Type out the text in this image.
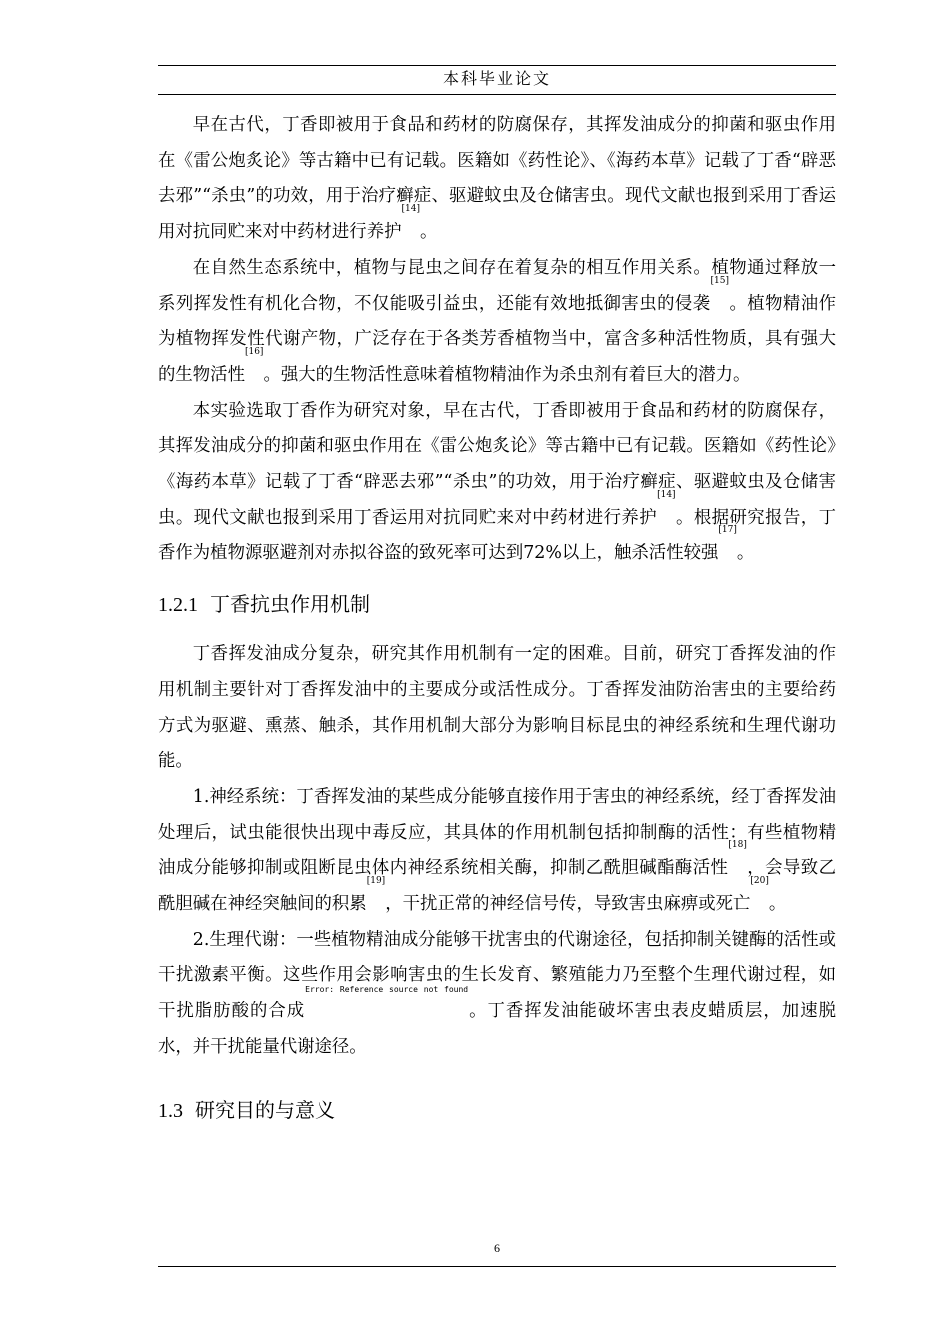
本科毕业论文

早在古代，丁香即被用于食品和药材的防腐保存，其挥发油成分的抑菌和驱虫作用在《雷公炮炙论》等古籍中已有记载。医籍如《药性论》、《海药本草》记载了丁香“辟恶去邪”“杀虫”的功效，用于治疗癣症、驱避蚊虫及仓储害虫。现代文献也报到采用丁香运用对抗同贮来对中药材进行养护[14]。

在自然生态系统中，植物与昆虫之间存在着复杂的相互作用关系。植物通过释放一系列挥发性有机化合物，不仅能吸引益虫，还能有效地抵御害虫的侵袭[15]。植物精油作为植物挥发性代谢产物，广泛存在于各类芳香植物当中，富含多种活性物质，具有强大的生物活性[16]。强大的生物活性意味着植物精油作为杀虫剂有着巨大的潜力。

本实验选取丁香作为研究对象，早在古代，丁香即被用于食品和药材的防腐保存，其挥发油成分的抑菌和驱虫作用在《雷公炮炙论》等古籍中已有记载。医籍如《药性论》《海药本草》记载了丁香“辟恶去邪”“杀虫”的功效，用于治疗癣症、驱避蚊虫及仓储害虫。现代文献也报到采用丁香运用对抗同贮来对中药材进行养护[14]。根据研究报告，丁香作为植物源驱避剂对赤拟谷盗的致死率可达到72%以上，触杀活性较强[17]。

1.2.1 丁香抗虫作用机制

丁香挥发油成分复杂，研究其作用机制有一定的困难。目前，研究丁香挥发油的作用机制主要针对丁香挥发油中的主要成分或活性成分。丁香挥发油防治害虫的主要给药方式为驱避、熏蒸、触杀，其作用机制大部分为影响目标昆虫的神经系统和生理代谢功能。

1.神经系统：丁香挥发油的某些成分能够直接作用于害虫的神经系统，经丁香挥发油处理后，试虫能很快出现中毒反应，其具体的作用机制包括抑制酶的活性：有些植物精油成分能够抑制或阻断昆虫体内神经系统相关酶，抑制乙酰胆碱酯酶活性[18]，会导致乙酰胆碱在神经突触间的积累[19]，干扰正常的神经信号传，导致害虫麻痹或死亡[20]。

2.生理代谢：一些植物精油成分能够干扰害虫的代谢途径，包括抑制关键酶的活性或干扰激素平衡。这些作用会影响害虫的生长发育、繁殖能力乃至整个生理代谢过程，如干扰脂肪酸的合成$^{Error: Reference source not found}$。丁香挥发油能破坏害虫表皮蜡质层，加速脱水，并干扰能量代谢途径。

1.3 研究目的与意义
6
